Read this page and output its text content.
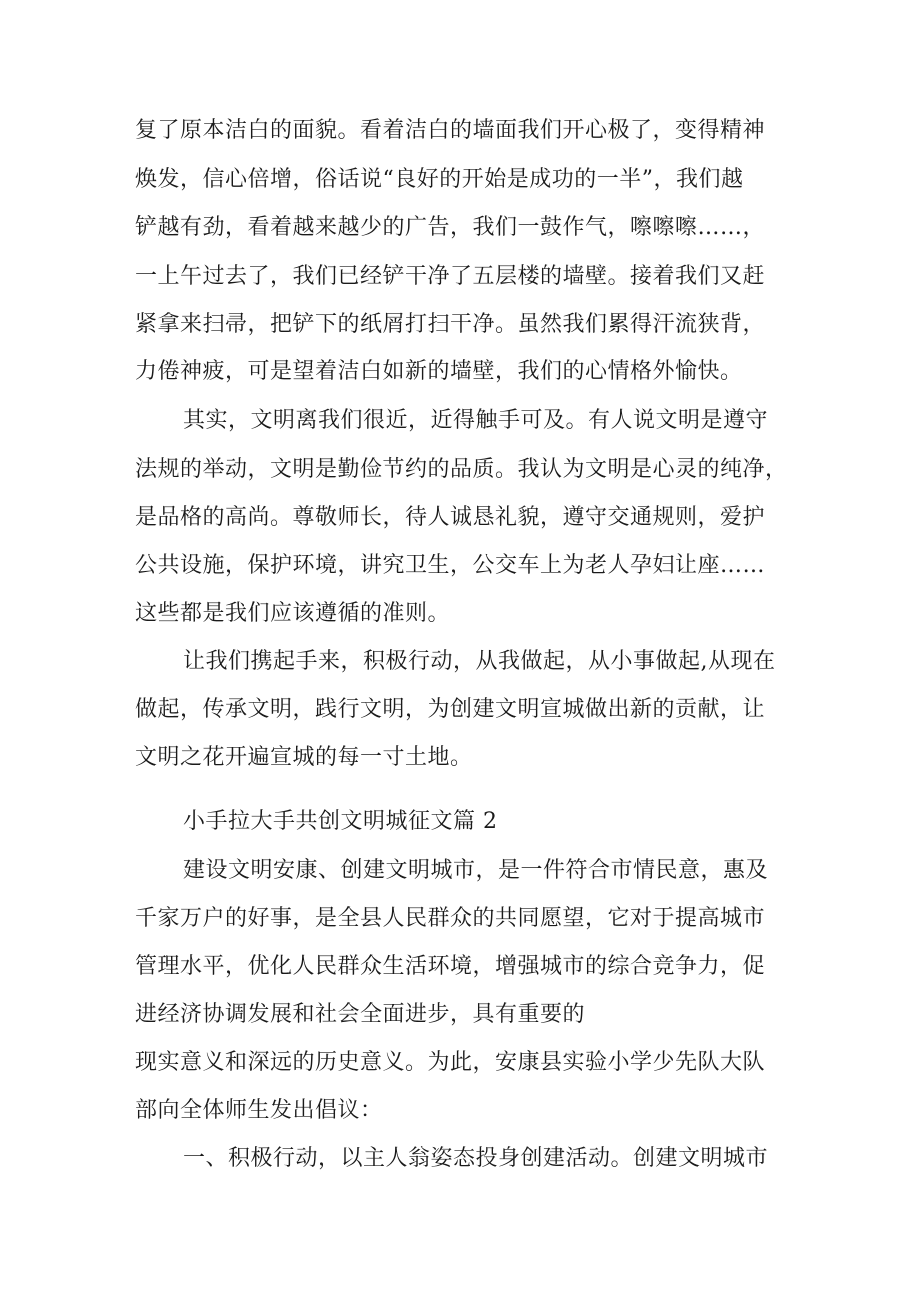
复了原本洁白的面貌。看着洁白的墙面我们开心极了，变得精神
焕发，信心倍增，俗话说“良好的开始是成功的一半”，我们越
铲越有劲，看着越来越少的广告，我们一鼓作气，嚓嚓嚓……，
一上午过去了，我们已经铲干净了五层楼的墙壁。接着我们又赶
紧拿来扫帚，把铲下的纸屑打扫干净。虽然我们累得汗流狭背，
力倦神疲，可是望着洁白如新的墙壁，我们的心情格外愉快。
其实，文明离我们很近，近得触手可及。有人说文明是遵守
法规的举动，文明是勤俭节约的品质。我认为文明是心灵的纯净，
是品格的高尚。尊敬师长，待人诚恳礼貌，遵守交通规则，爱护
公共设施，保护环境，讲究卫生，公交车上为老人孕妇让座……
这些都是我们应该遵循的准则。
让我们携起手来，积极行动，从我做起，从小事做起,从现在
做起，传承文明，践行文明，为创建文明宣城做出新的贡献，让
文明之花开遍宣城的每一寸土地。
小手拉大手共创文明城征文篇 2
建设文明安康、创建文明城市，是一件符合市情民意，惠及
千家万户的好事，是全县人民群众的共同愿望，它对于提高城市
管理水平，优化人民群众生活环境，增强城市的综合竞争力，促
进经济协调发展和社会全面进步，具有重要的
现实意义和深远的历史意义。为此，安康县实验小学少先队大队
部向全体师生发出倡议：
一、积极行动，以主人翁姿态投身创建活动。创建文明城市
